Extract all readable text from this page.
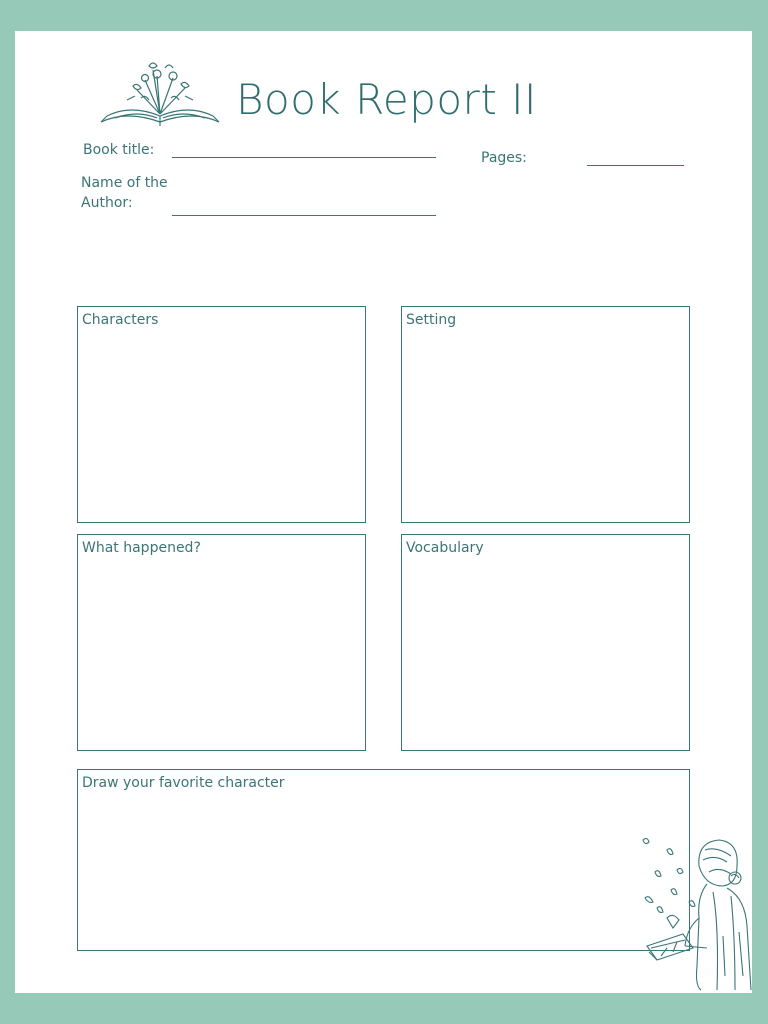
Book Report II
Book title:	Pages:
Name of the
Author:
Characters	Setting
What happened?	Vocabulary
Draw your favorite character
